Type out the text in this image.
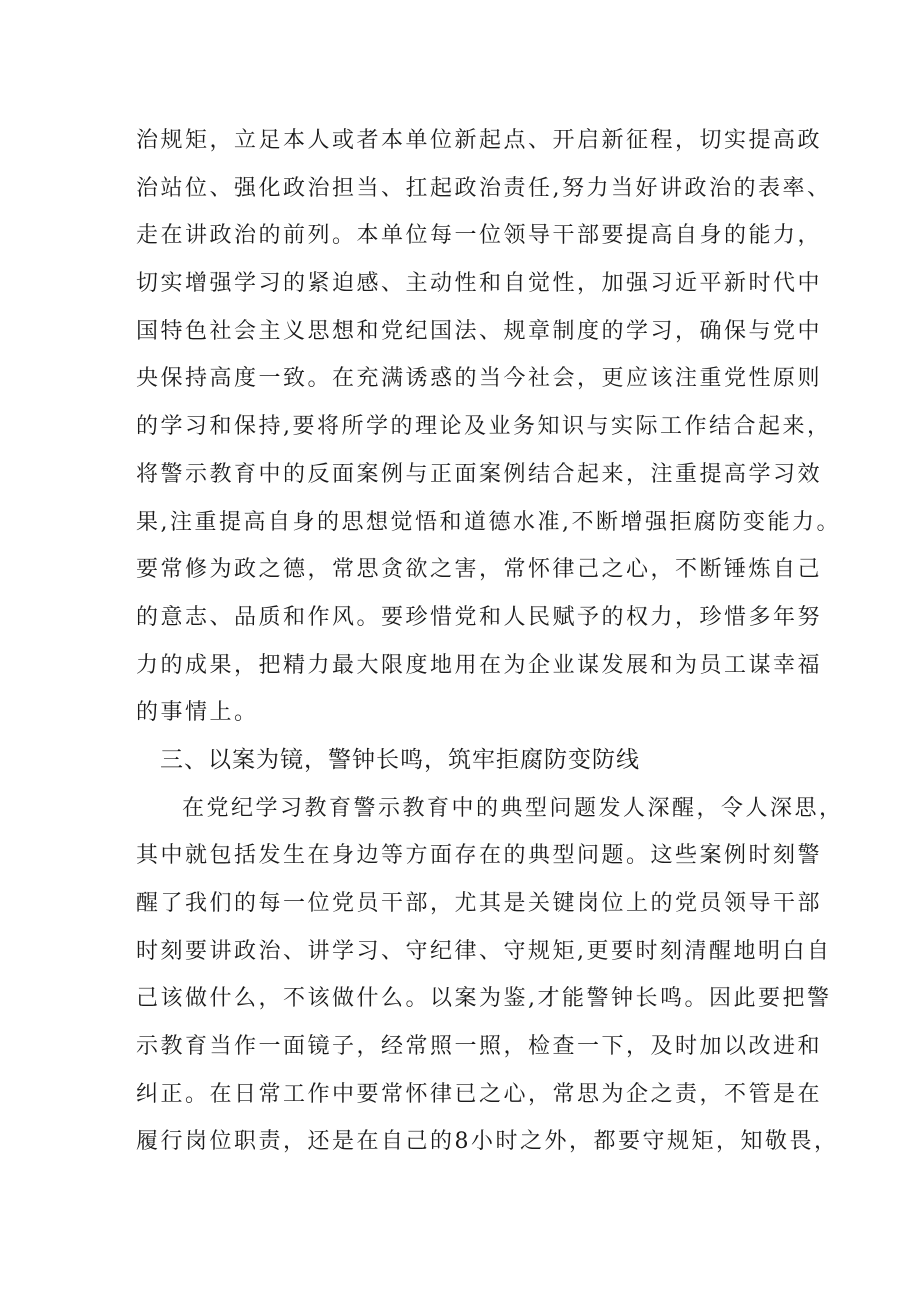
治规矩，立足本人或者本单位新起点、开启新征程，切实提高政
治站位、强化政治担当、扛起政治责任,努力当好讲政治的表率、
走在讲政治的前列。本单位每一位领导干部要提高自身的能力，
切实增强学习的紧迫感、主动性和自觉性，加强习近平新时代中
国特色社会主义思想和党纪国法、规章制度的学习，确保与党中
央保持高度一致。在充满诱惑的当今社会，更应该注重党性原则
的学习和保持,要将所学的理论及业务知识与实际工作结合起来，
将警示教育中的反面案例与正面案例结合起来，注重提高学习效
果,注重提高自身的思想觉悟和道德水准,不断增强拒腐防变能力。
要常修为政之德，常思贪欲之害，常怀律己之心，不断锤炼自己
的意志、品质和作风。要珍惜党和人民赋予的权力，珍惜多年努
力的成果，把精力最大限度地用在为企业谋发展和为员工谋幸福
的事情上。
三、以案为镜，警钟长鸣，筑牢拒腐防变防线
在党纪学习教育警示教育中的典型问题发人深醒，令人深思，
其中就包括发生在身边等方面存在的典型问题。这些案例时刻警
醒了我们的每一位党员干部，尤其是关键岗位上的党员领导干部
时刻要讲政治、讲学习、守纪律、守规矩,更要时刻清醒地明白自
己该做什么，不该做什么。以案为鉴,才能警钟长鸣。因此要把警
示教育当作一面镜子，经常照一照，检查一下，及时加以改进和
纠正。在日常工作中要常怀律已之心，常思为企之责，不管是在
履行岗位职责，还是在自己的8小时之外，都要守规矩，知敬畏，
